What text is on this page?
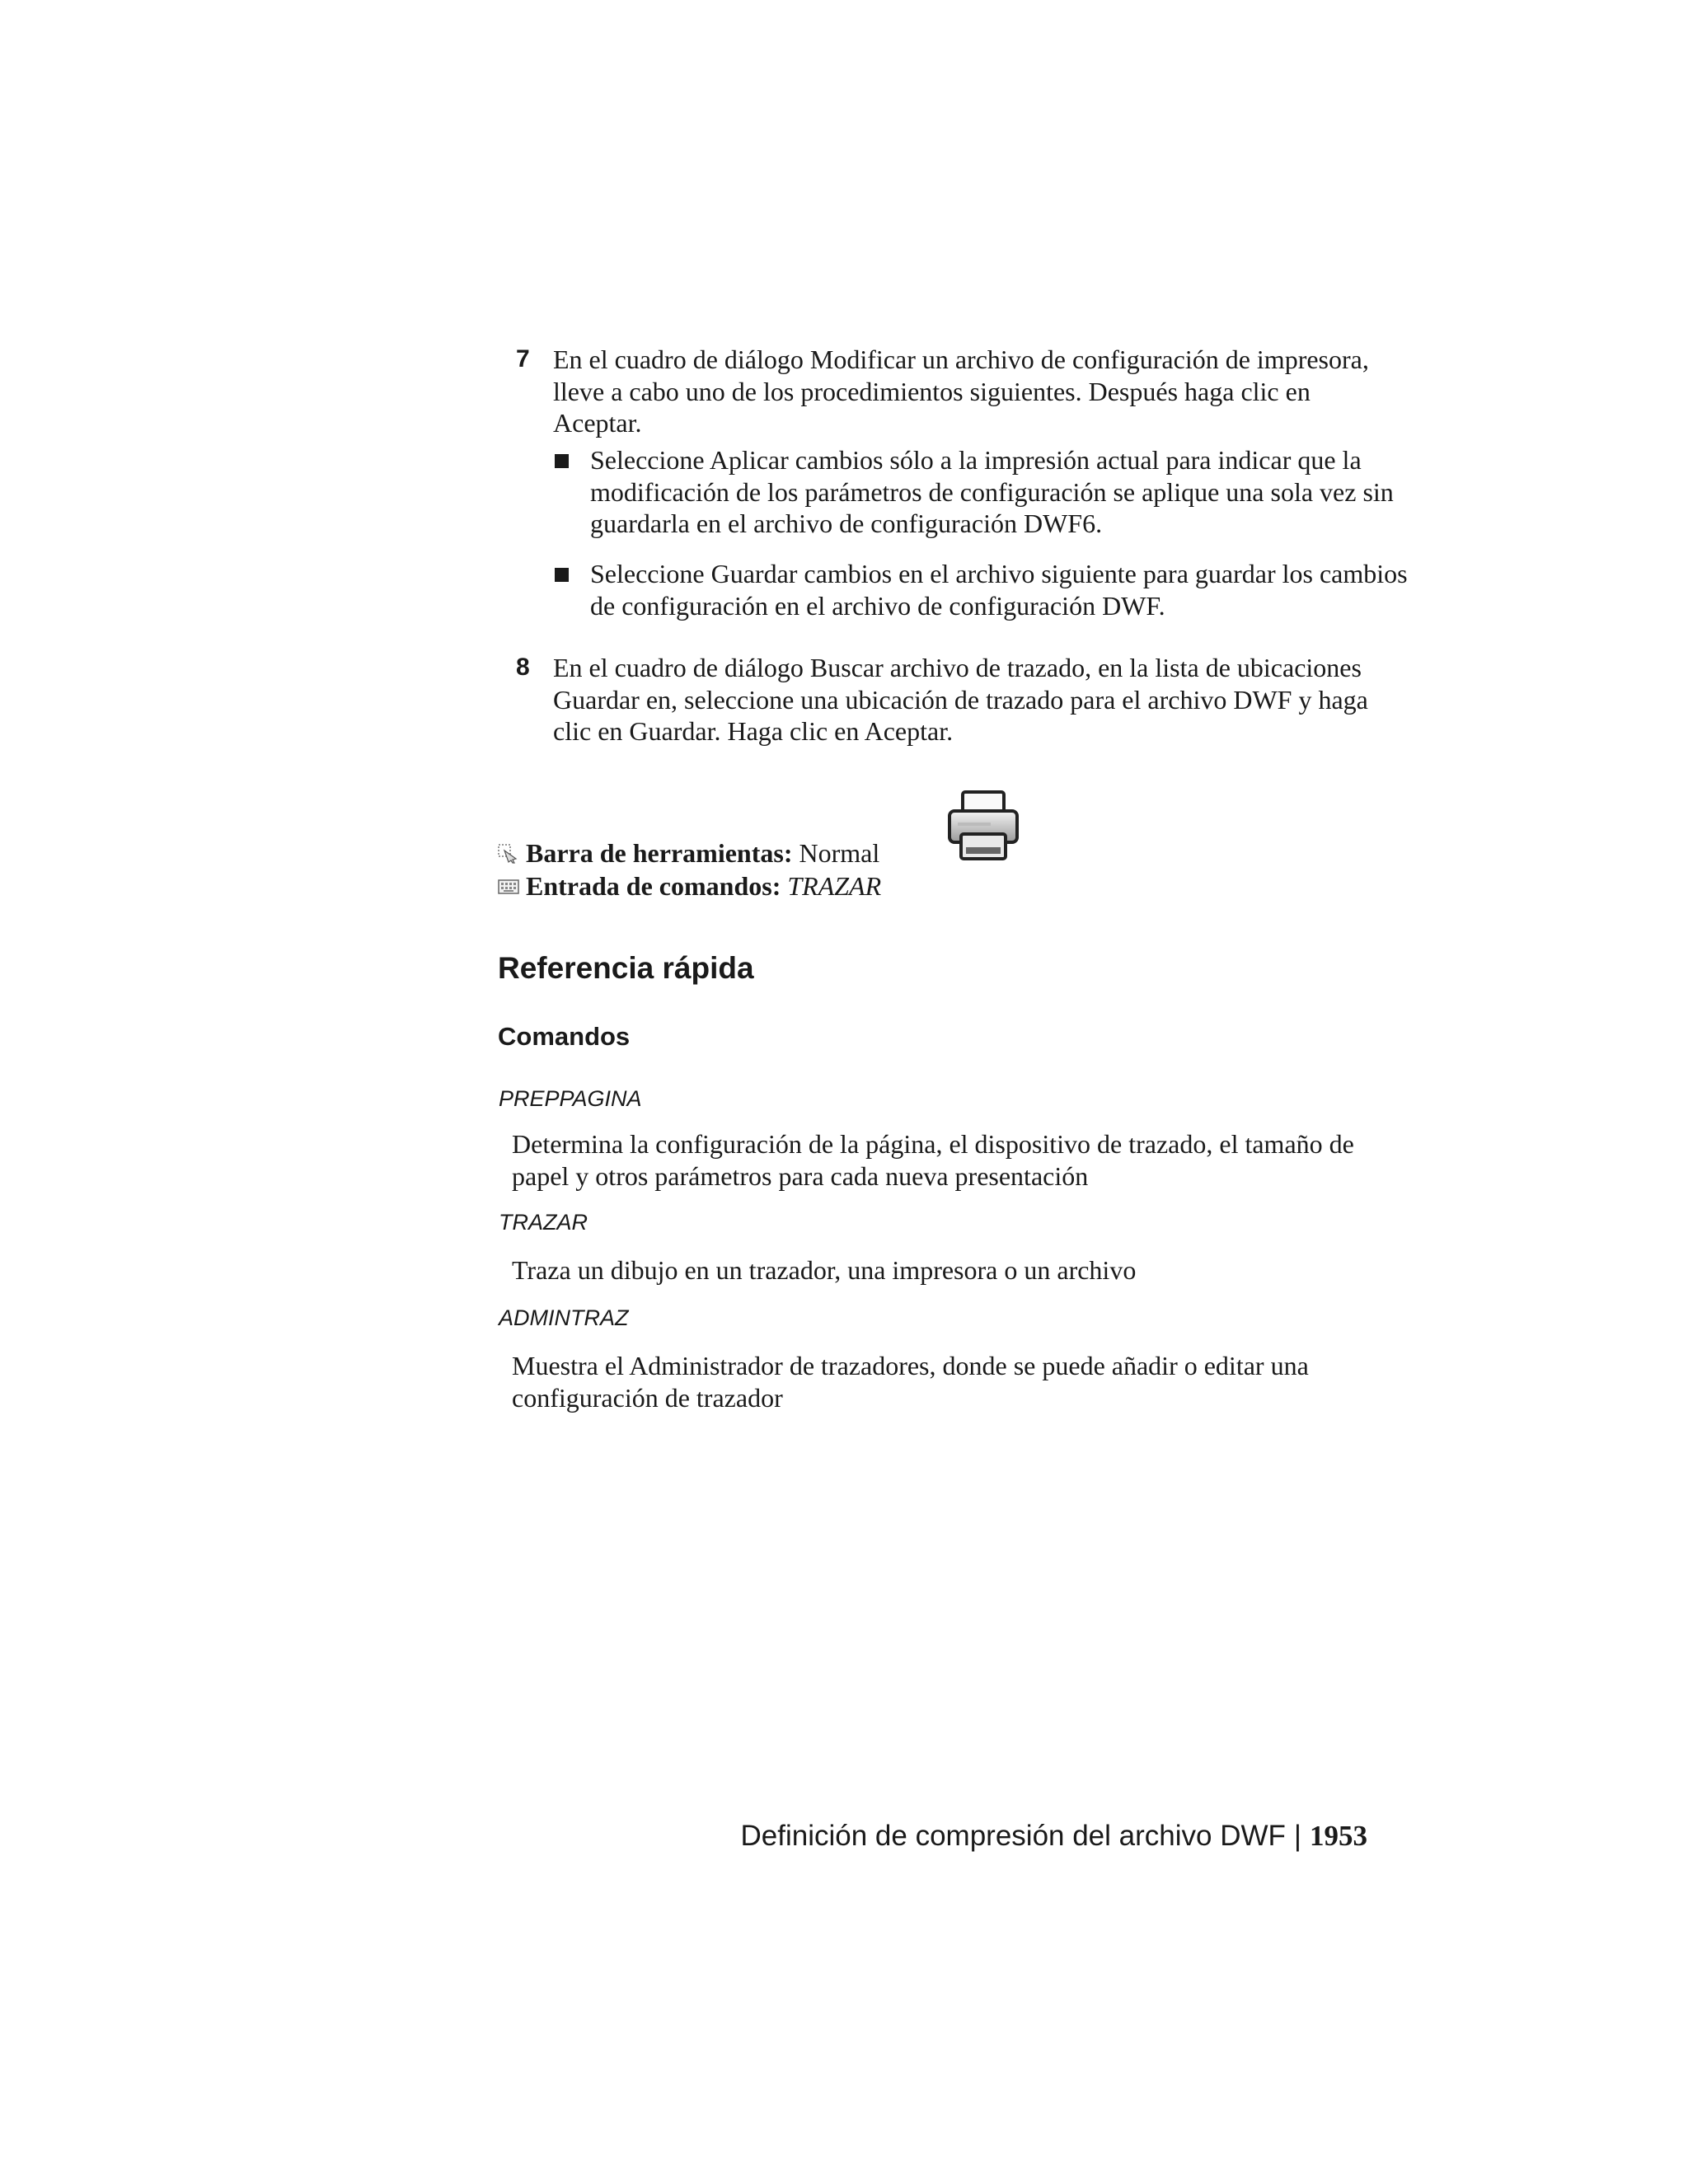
7 En el cuadro de diálogo Modificar un archivo de configuración de impresora, lleve a cabo uno de los procedimientos siguientes. Después haga clic en Aceptar.
Seleccione Aplicar cambios sólo a la impresión actual para indicar que la modificación de los parámetros de configuración se aplique una sola vez sin guardarla en el archivo de configuración DWF6.
Seleccione Guardar cambios en el archivo siguiente para guardar los cambios de configuración en el archivo de configuración DWF.
8 En el cuadro de diálogo Buscar archivo de trazado, en la lista de ubicaciones Guardar en, seleccione una ubicación de trazado para el archivo DWF y haga clic en Guardar. Haga clic en Aceptar.
Barra de herramientas: Normal
Entrada de comandos: TRAZAR
Referencia rápida
Comandos
PREPPAGINA
Determina la configuración de la página, el dispositivo de trazado, el tamaño de papel y otros parámetros para cada nueva presentación
TRAZAR
Traza un dibujo en un trazador, una impresora o un archivo
ADMINTRAZ
Muestra el Administrador de trazadores, donde se puede añadir o editar una configuración de trazador
Definición de compresión del archivo DWF | 1953
